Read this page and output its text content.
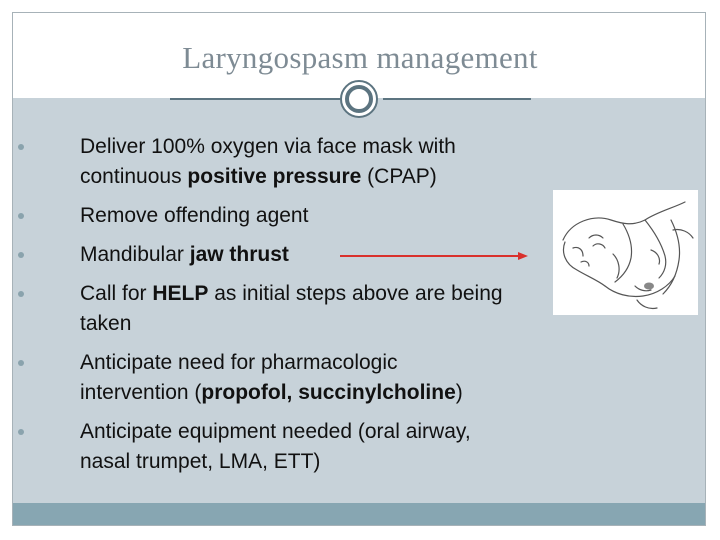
Laryngospasm management
Deliver 100% oxygen via face mask with
continuous positive pressure (CPAP)
Remove offending agent
Mandibular jaw thrust
Call for HELP as initial steps above are being
taken
Anticipate need for pharmacologic
intervention (propofol, succinylcholine)
Anticipate equipment needed (oral airway,
nasal trumpet, LMA, ETT)
